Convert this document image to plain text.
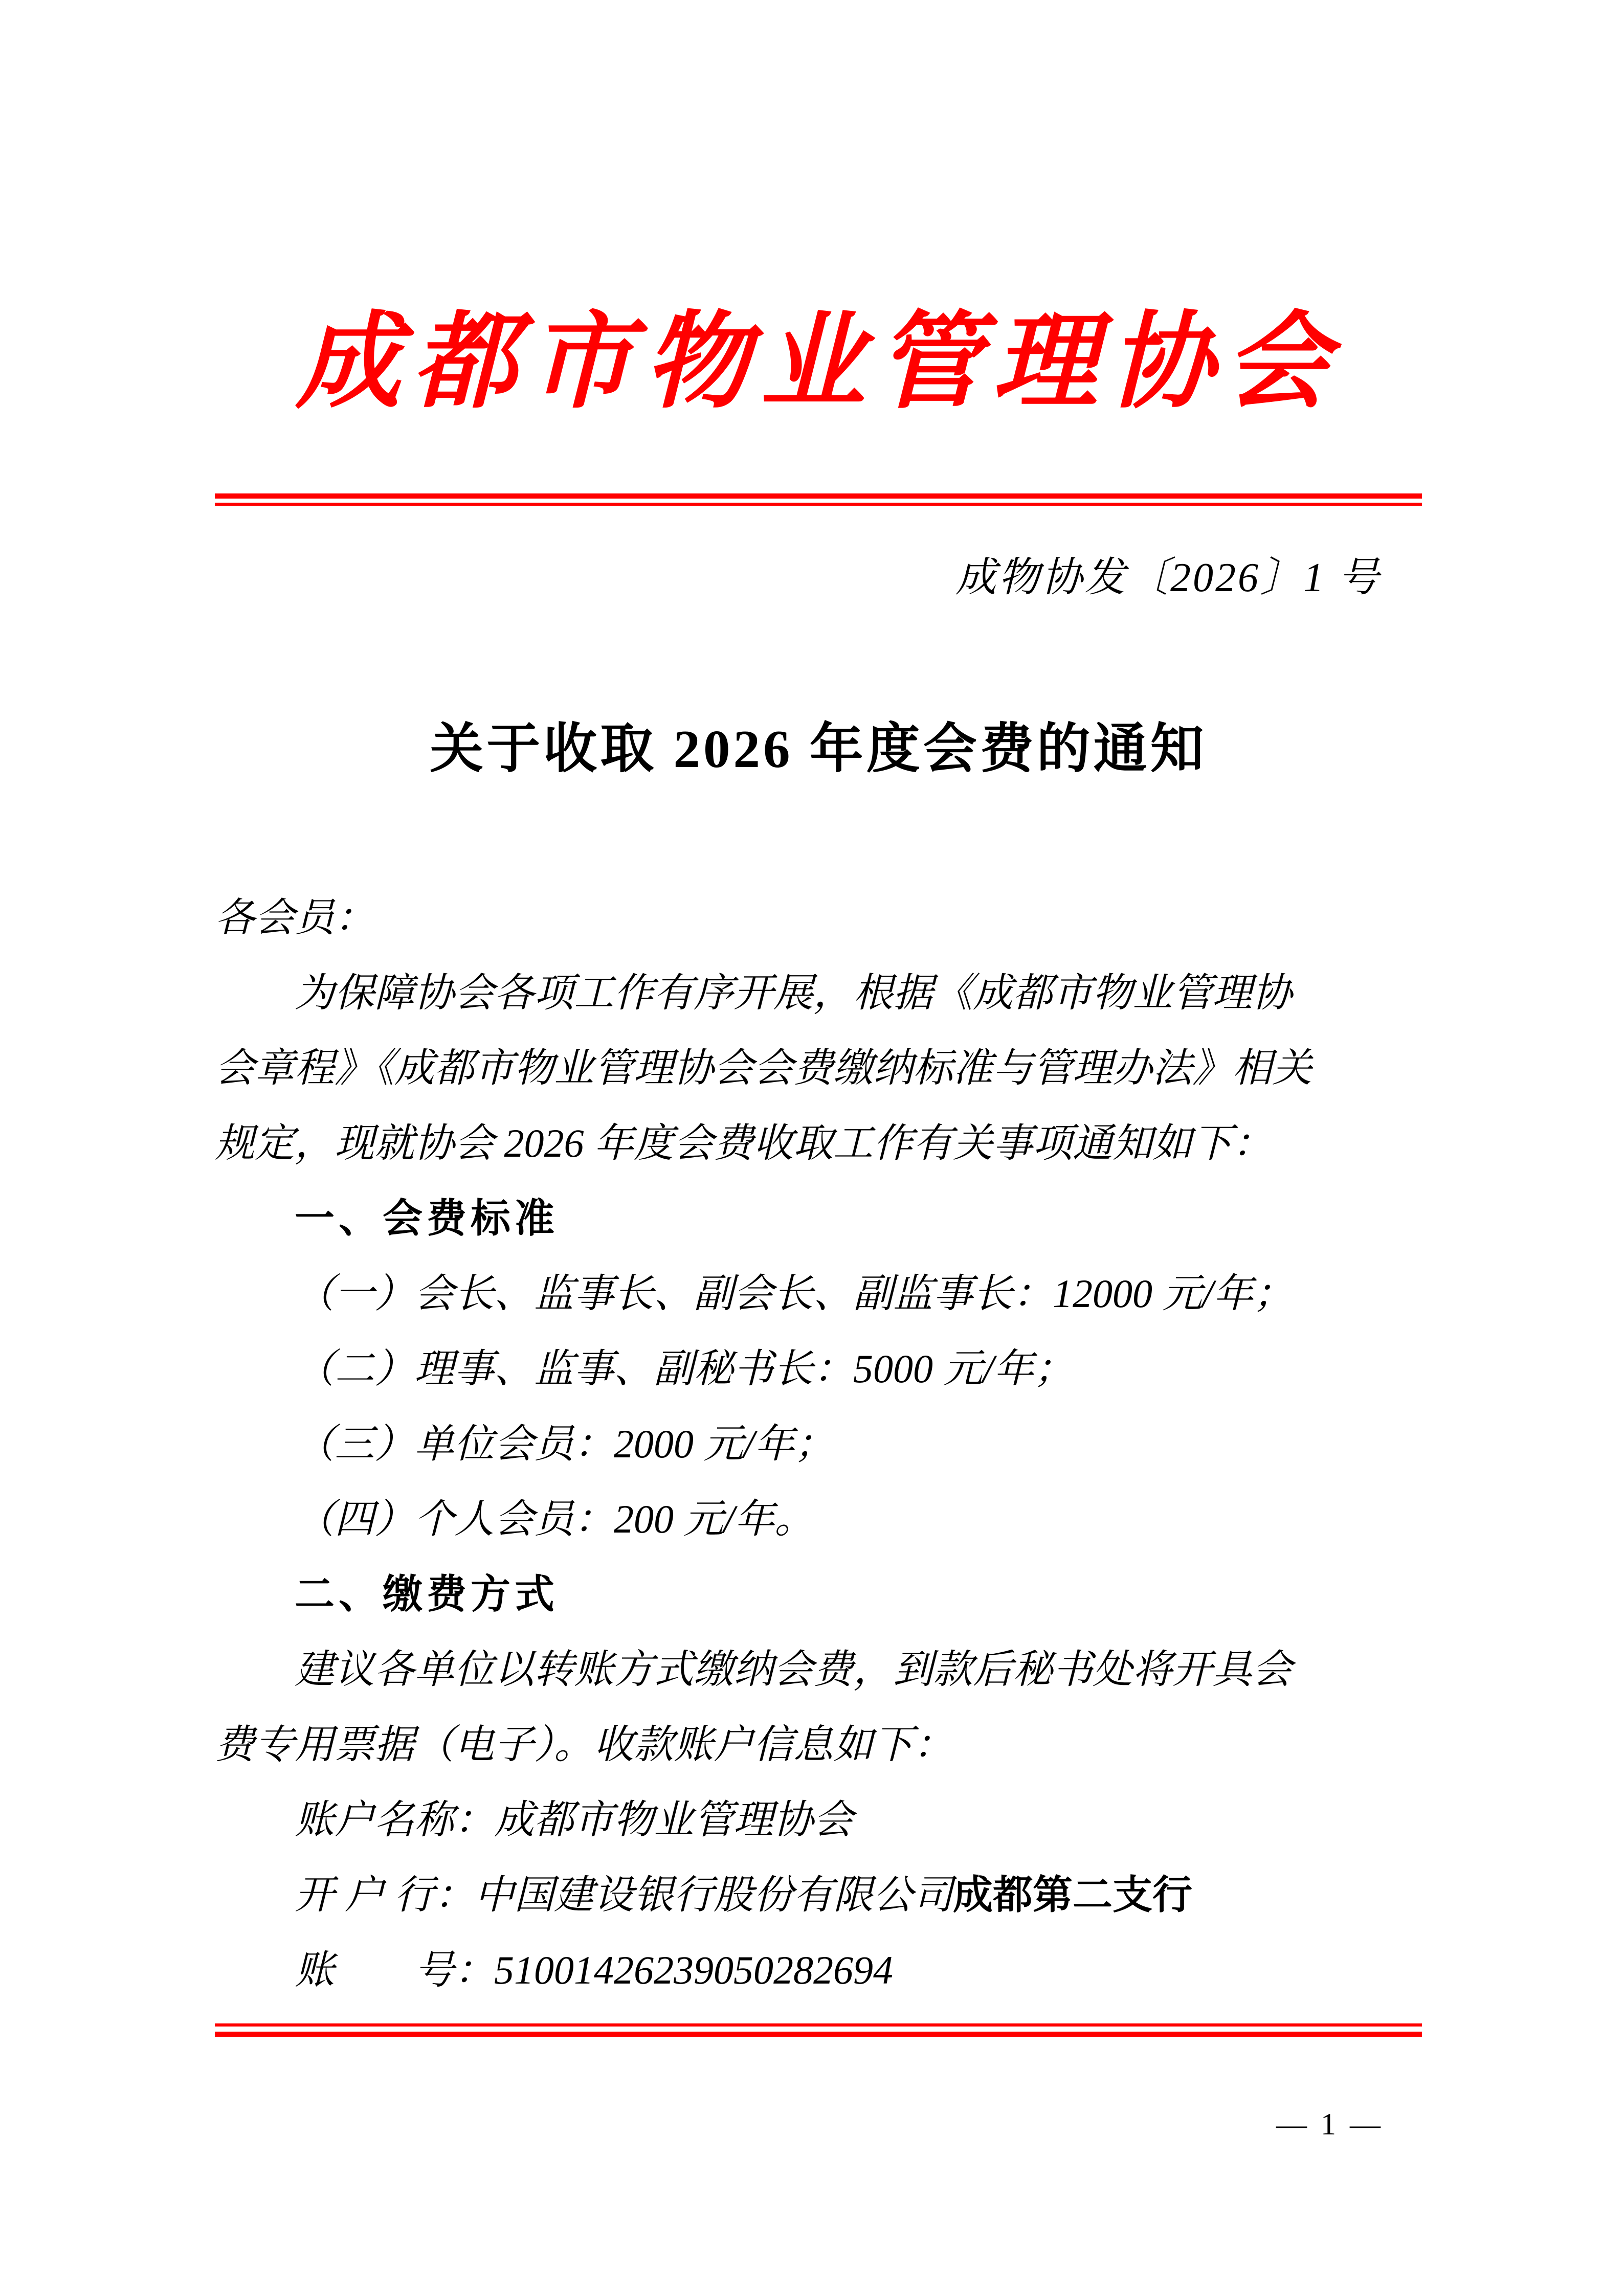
成都市物业管理协会
成物协发〔2026〕1 号
关于收取 2026 年度会费的通知
各会员：
为保障协会各项工作有序开展，根据《成都市物业管理协
会章程》《成都市物业管理协会会费缴纳标准与管理办法》相关
规定，现就协会 2026 年度会费收取工作有关事项通知如下：
一、会费标准
（一）会长、监事长、副会长、副监事长：12000 元/年；
（二）理事、监事、副秘书长：5000 元/年；
（三）单位会员：2000 元/年；
（四）个人会员：200 元/年。
二、缴费方式
建议各单位以转账方式缴纳会费，到款后秘书处将开具会
费专用票据（电子）。收款账户信息如下：
账户名称：成都市物业管理协会
开 户 行：中国建设银行股份有限公司成都第二支行
账　　号：51001426239050282694
— 1 —
